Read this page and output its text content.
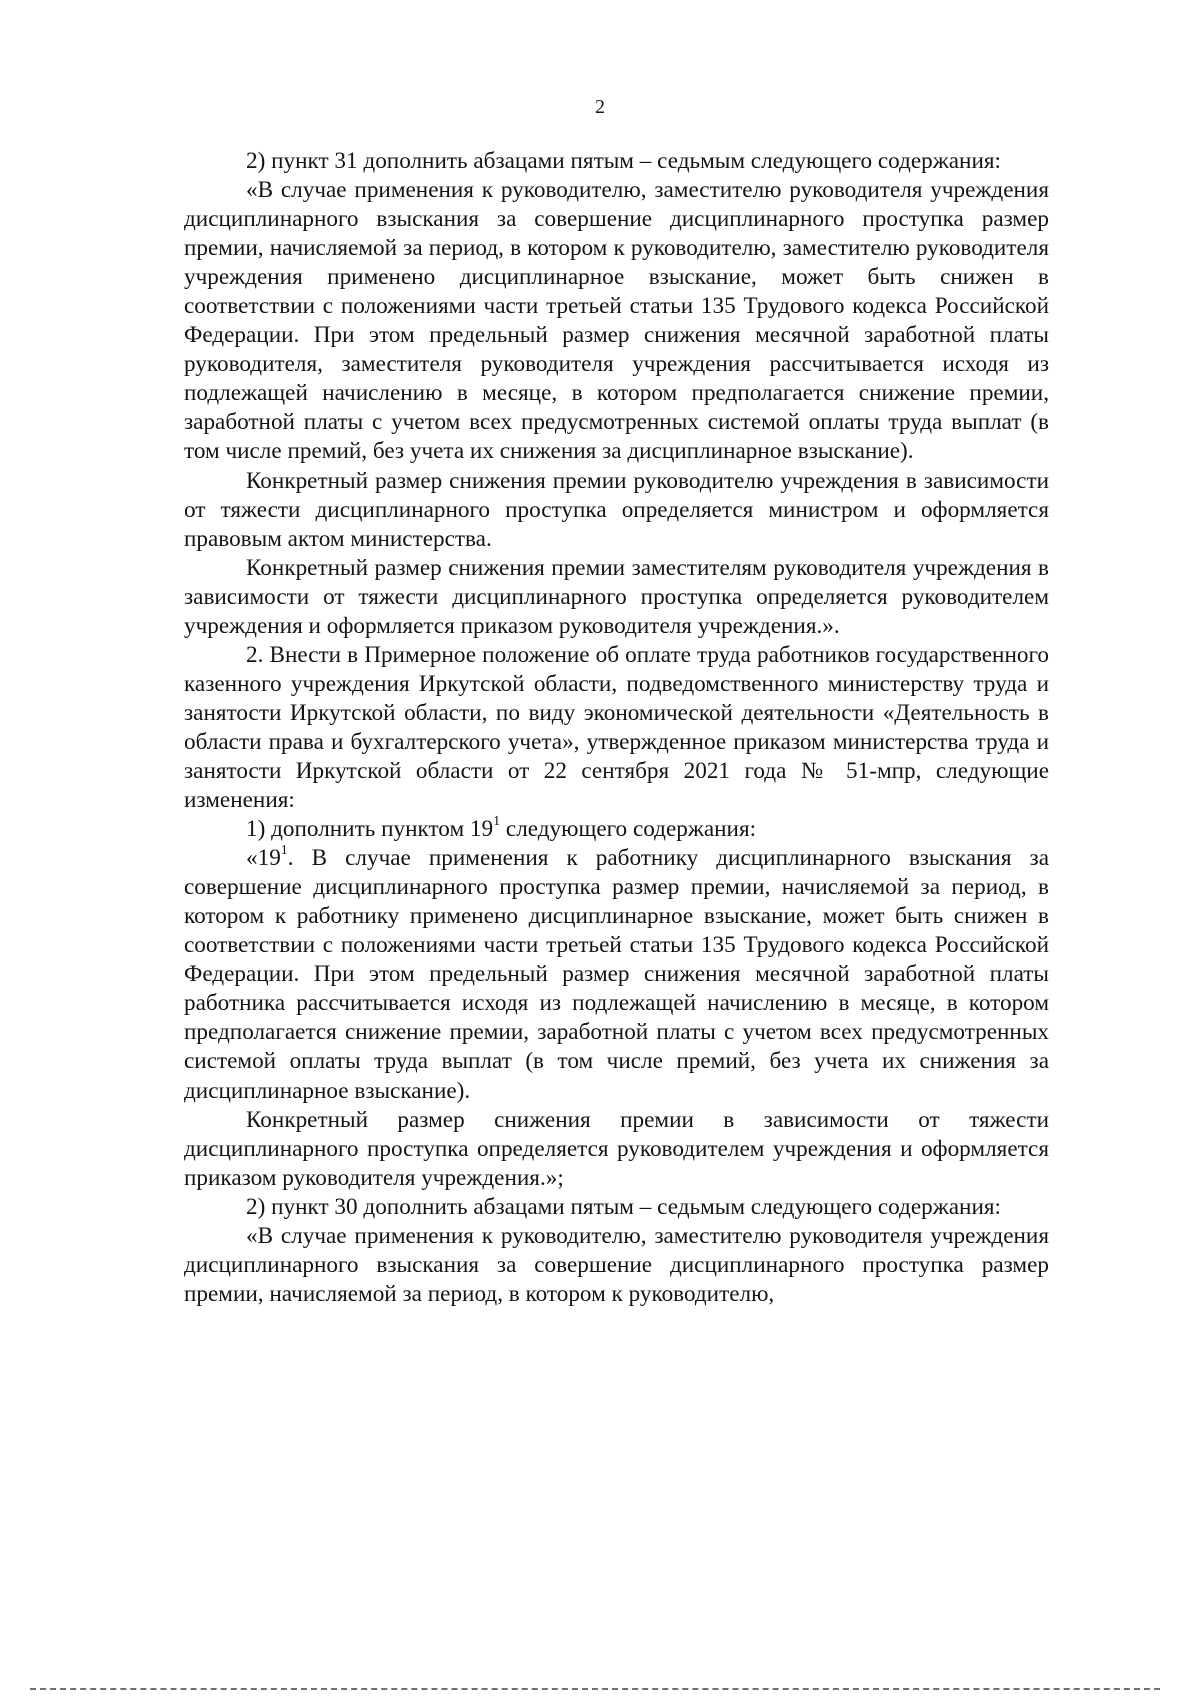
2

2) пункт 31 дополнить абзацами пятым – седьмым следующего содержания:

«В случае применения к руководителю, заместителю руководителя учреждения дисциплинарного взыскания за совершение дисциплинарного проступка размер премии, начисляемой за период, в котором к руководителю, заместителю руководителя учреждения применено дисциплинарное взыскание, может быть снижен в соответствии с положениями части третьей статьи 135 Трудового кодекса Российской Федерации. При этом предельный размер снижения месячной заработной платы руководителя, заместителя руководителя учреждения рассчитывается исходя из подлежащей начислению в месяце, в котором предполагается снижение премии, заработной платы с учетом всех предусмотренных системой оплаты труда выплат (в том числе премий, без учета их снижения за дисциплинарное взыскание).

Конкретный размер снижения премии руководителю учреждения в зависимости от тяжести дисциплинарного проступка определяется министром и оформляется правовым актом министерства.

Конкретный размер снижения премии заместителям руководителя учреждения в зависимости от тяжести дисциплинарного проступка определяется руководителем учреждения и оформляется приказом руководителя учреждения.».

2. Внести в Примерное положение об оплате труда работников государственного казенного учреждения Иркутской области, подведомственного министерству труда и занятости Иркутской области, по виду экономической деятельности «Деятельность в области права и бухгалтерского учета», утвержденное приказом министерства труда и занятости Иркутской области от 22 сентября 2021 года № 51-мпр, следующие изменения:

1) дополнить пунктом $19^1$ следующего содержания:

«$19^1$. В случае применения к работнику дисциплинарного взыскания за совершение дисциплинарного проступка размер премии, начисляемой за период, в котором к работнику применено дисциплинарное взыскание, может быть снижен в соответствии с положениями части третьей статьи 135 Трудового кодекса Российской Федерации. При этом предельный размер снижения месячной заработной платы работника рассчитывается исходя из подлежащей начислению в месяце, в котором предполагается снижение премии, заработной платы с учетом всех предусмотренных системой оплаты труда выплат (в том числе премий, без учета их снижения за дисциплинарное взыскание).

Конкретный размер снижения премии в зависимости от тяжести дисциплинарного проступка определяется руководителем учреждения и оформляется приказом руководителя учреждения.»;

2) пункт 30 дополнить абзацами пятым – седьмым следующего содержания:

«В случае применения к руководителю, заместителю руководителя учреждения дисциплинарного взыскания за совершение дисциплинарного проступка размер премии, начисляемой за период, в котором к руководителю,
